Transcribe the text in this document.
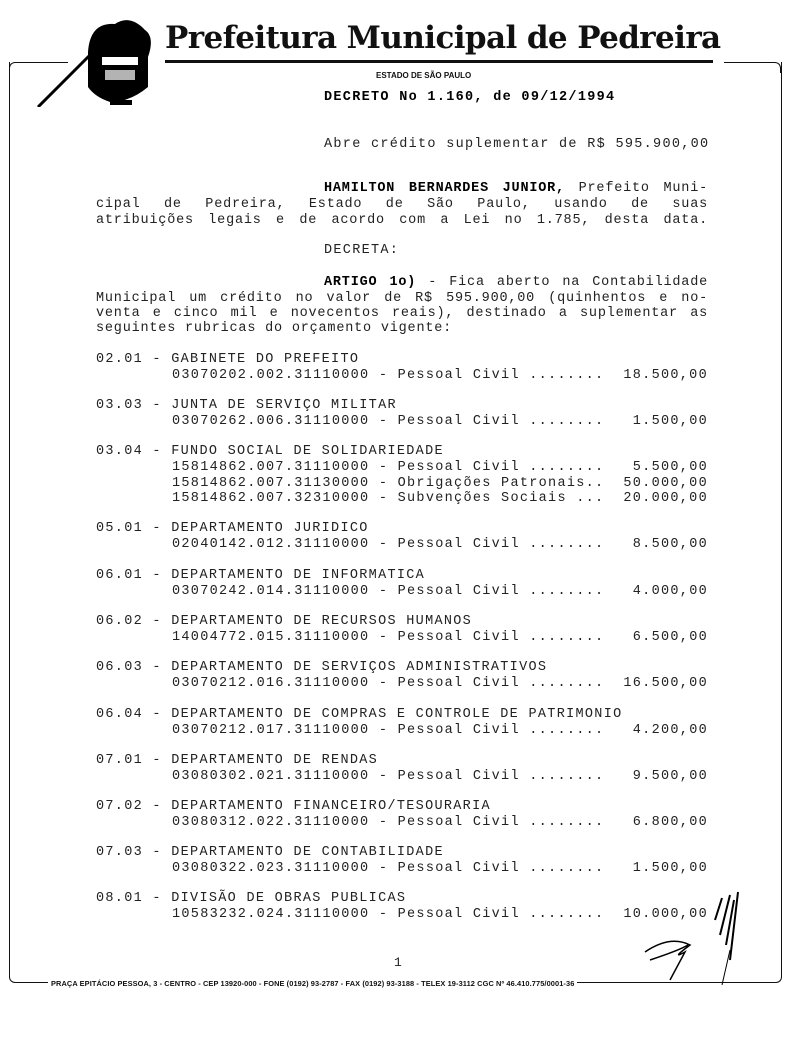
Prefeitura Municipal de Pedreira
ESTADO DE SÃO PAULO
DECRETO No 1.160, de 09/12/1994
Abre crédito suplementar de R$ 595.900,00
HAMILTON BERNARDES JUNIOR, Prefeito Muni-
cipal de Pedreira, Estado de São Paulo, usando de suas
atribuições legais e de acordo com a Lei no 1.785, desta data.
DECRETA:
ARTIGO 1o) - Fica aberto na Contabilidade
Municipal um crédito no valor de R$ 595.900,00 (quinhentos e no-
venta e cinco mil e novecentos reais), destinado a suplementar as
seguintes rubricas do orçamento vigente:
02.01 - GABINETE DO PREFEITO
03070202.002.31110000 - Pessoal Civil ........ 18.500,00
03.03 - JUNTA DE SERVIÇO MILITAR
03070262.006.31110000 - Pessoal Civil ........ 1.500,00
03.04 - FUNDO SOCIAL DE SOLIDARIEDADE
15814862.007.31110000 - Pessoal Civil ........ 5.500,00
15814862.007.31130000 - Obrigações Patronais.. 50.000,00
15814862.007.32310000 - Subvenções Sociais ... 20.000,00
05.01 - DEPARTAMENTO JURIDICO
02040142.012.31110000 - Pessoal Civil ........ 8.500,00
06.01 - DEPARTAMENTO DE INFORMATICA
03070242.014.31110000 - Pessoal Civil ........ 4.000,00
06.02 - DEPARTAMENTO DE RECURSOS HUMANOS
14004772.015.31110000 - Pessoal Civil ........ 6.500,00
06.03 - DEPARTAMENTO DE SERVIÇOS ADMINISTRATIVOS
03070212.016.31110000 - Pessoal Civil ........ 16.500,00
06.04 - DEPARTAMENTO DE COMPRAS E CONTROLE DE PATRIMONIO
03070212.017.31110000 - Pessoal Civil ........ 4.200,00
07.01 - DEPARTAMENTO DE RENDAS
03080302.021.31110000 - Pessoal Civil ........ 9.500,00
07.02 - DEPARTAMENTO FINANCEIRO/TESOURARIA
03080312.022.31110000 - Pessoal Civil ........ 6.800,00
07.03 - DEPARTAMENTO DE CONTABILIDADE
03080322.023.31110000 - Pessoal Civil ........ 1.500,00
08.01 - DIVISÃO DE OBRAS PUBLICAS
10583232.024.31110000 - Pessoal Civil ........ 10.000,00
1
PRAÇA EPITÁCIO PESSOA, 3 - CENTRO - CEP 13920-000 - FONE (0192) 93-2787 - FAX (0192) 93-3188 - TELEX 19-3112 CGC Nº 46.410.775/0001-36
